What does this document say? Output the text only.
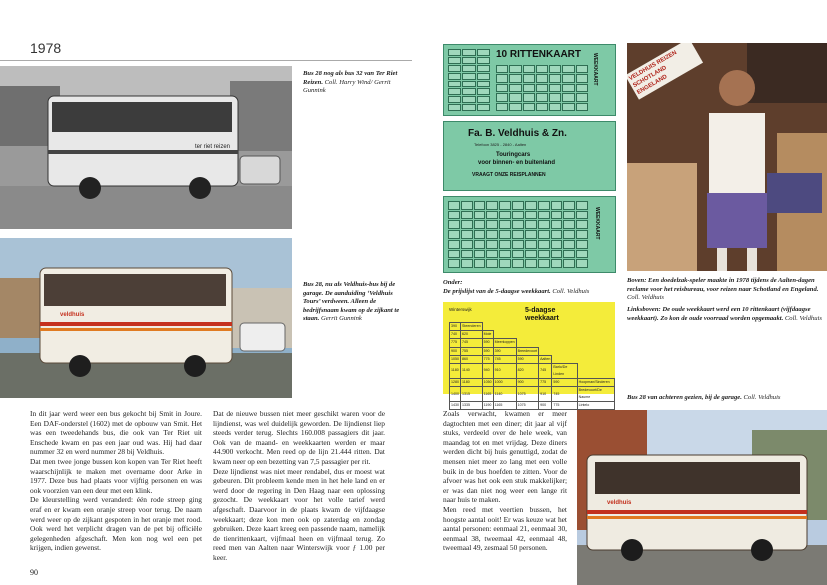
1978
ter riet reizen
Bus 28 nog als bus 32 van Ter Riet Reizen. Coll. Harry Wind/ Gerrit Gunnink
veldhuis
Bus 28, nu als Veldhuis-bus bij de garage. De aanduiding ‘Veldhuis Tours’ verdween. Alleen de bedrijfsnaam kwam op de zijkant te staan. Gerrit Gunnink

In dit jaar werd weer een bus gekocht bij Smit in Joure. Een DAF-onderstel (1602) met de opbouw van Smit. Het was een tweedehands bus, die ook van Ter Riet uit Enschede kwam en pas een jaar oud was. Hij had daar nummer 32 en werd nummer 28 bij Veldhuis.

Dat men twee jonge bussen kon kopen van Ter Riet heeft waarschijnlijk te maken met overname door Arke in 1977. Deze bus had plaats voor vijftig personen en was ook voorzien van een deur met een klink.

De kleurstelling werd veranderd: één rode streep ging eraf en er kwam een oranje streep voor terug. De naam werd weer op de zijkant gespoten in het oranje met rood. Ook werd het verplicht dragen van de pet bij officiële gelegenheden afgeschaft. Men kon nog wel een pet krijgen, indien gewenst.

Dat de nieuwe bussen niet meer geschikt waren voor de lijndienst, was wel duidelijk geworden. De lijndienst liep steeds verder terug. Slechts 160.008 passagiers dit jaar. Ook van de maand- en weekkaarten werden er maar 44.900 verkocht. Men reed op de lijn 21.444 ritten. Dat kwam neer op een bezetting van 7,5 passagier per rit.

Deze lijndienst was niet meer rendabel, dus er moest wat gebeuren. Dit probleem kende men in het hele land en er werd door de regering in Den Haag naar een oplossing gezocht. De weekkaart voor het volle tarief werd afgeschaft. Daarvoor in de plaats kwam de vijfdaagse weekkaart; deze kon men ook op zaterdag en zondag gebruiken. Deze kaart kreeg een passende naam, namelijk de tienrittenkaart, vijfmaal heen en vijfmaal terug. Zo reed men van Aalten naar Winterswijk voor ƒ 1.00 per keer.

90
10 RITTENKAART WEEKKAART
Fa. B. Veldhuis & Zn.
Telefoon 3825 - 2840 - Aalten
Touringcars
voor binnen- en buitenland
VRAAGT ONZE REISPLANNEN
WEEKKAART
Onder:
De prijslijst van de 5-daagse weekkaart. Coll. Veldhuis
Winterswijk	5-daagse weekkaart
390	Steenderen						
740	620	Mole					
775	745	590	Meerkoppen				
900	755	590	390	Breedevoort			
1050	860	775	745	590	Aalten		
1180	1140	940	910	820	745	Barlo/De Linden	
1280	1180	1050	1000	900	775	590	Hoopman/Sinderen
1400	1315	1165	1140	1075	910	745	Bredevoort/De Naume
1430	1335	1190	1165	1075	900	775	Lintelo
VELDHUIS REIZEN SCHOTLAND ENGELAND
Boven: Een doedelzak-speler maakte in 1978 tijdens de Aalten-dagen reclame voor het reisbureau, voor reizen naar Schotland en Engeland. Coll. Veldhuis
Linksboven: De oude weekkaart werd een 10 rittenkaart (vijfdaagse weekkaart). Zo kon de oude voorraad worden opgemaakt. Coll. Veldhuis
Bus 28 van achteren gezien, bij de garage. Coll. Veldhuis

Zoals verwacht, kwamen er meer dagtochten met een diner; dit jaar al vijf stuks, verdeeld over de hele week, van maandag tot en met vrijdag. Deze diners werden dicht bij huis genuttigd, zodat de mensen niet meer zo lang met een volle buik in de bus hoefden te zitten. Voor de afvoer was het ook een stuk makkelijker; er was dan niet nog weer een lange rit naar huis te maken.

Men reed met veertien bussen, het hoogste aantal ooit! Er was keuze wat het aantal personen: eenmaal 21, eenmaal 30, eenmaal 38, tweemaal 42, eenmaal 48, tweemaal 49, zesmaal 50 personen.

veldhuis
